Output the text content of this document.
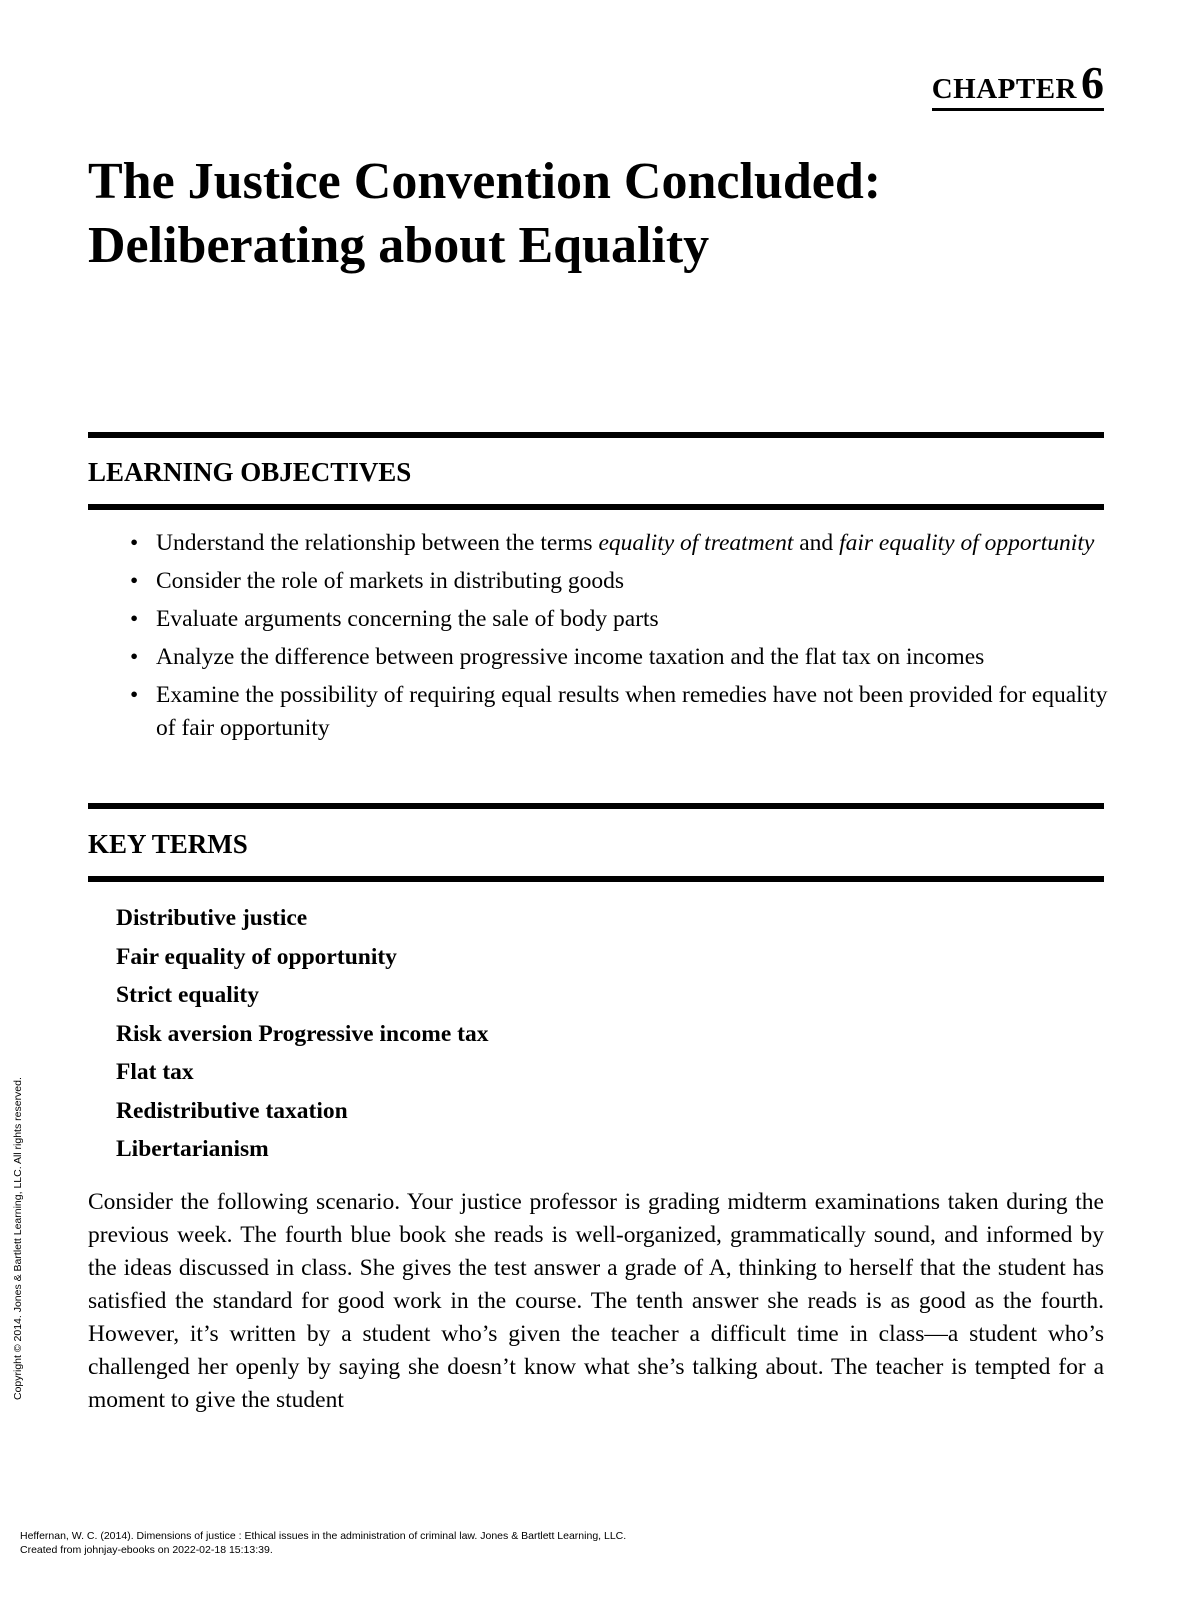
CHAPTER6
The Justice Convention Concluded:
Deliberating about Equality
LEARNING OBJECTIVES
• Understand the relationship between the terms equality of treatment and fair equality of opportunity
• Consider the role of markets in distributing goods
• Evaluate arguments concerning the sale of body parts
• Analyze the difference between progressive income taxation and the flat tax on incomes
• Examine the possibility of requiring equal results when remedies have not been provided for equality of fair opportunity
KEY TERMS
Distributive justice
Fair equality of opportunity
Strict equality
Risk aversion Progressive income tax
Flat tax
Redistributive taxation
Libertarianism

Consider the following scenario. Your justice professor is grading midterm examinations taken during the previous week. The fourth blue book she reads is well-organized, grammatically sound, and informed by the ideas discussed in class. She gives the test answer a grade of A, thinking to herself that the student has satisfied the standard for good work in the course. The tenth answer she reads is as good as the fourth. However, it’s written by a student who’s given the teacher a difficult time in class—a student who’s challenged her openly by saying she doesn’t know what she’s talking about. The teacher is tempted for a moment to give the student

Copyright © 2014. Jones & Bartlett Learning, LLC. All rights reserved.
Heffernan, W. C. (2014). Dimensions of justice : Ethical issues in the administration of criminal law. Jones & Bartlett Learning, LLC.
Created from johnjay-ebooks on 2022-02-18 15:13:39.
